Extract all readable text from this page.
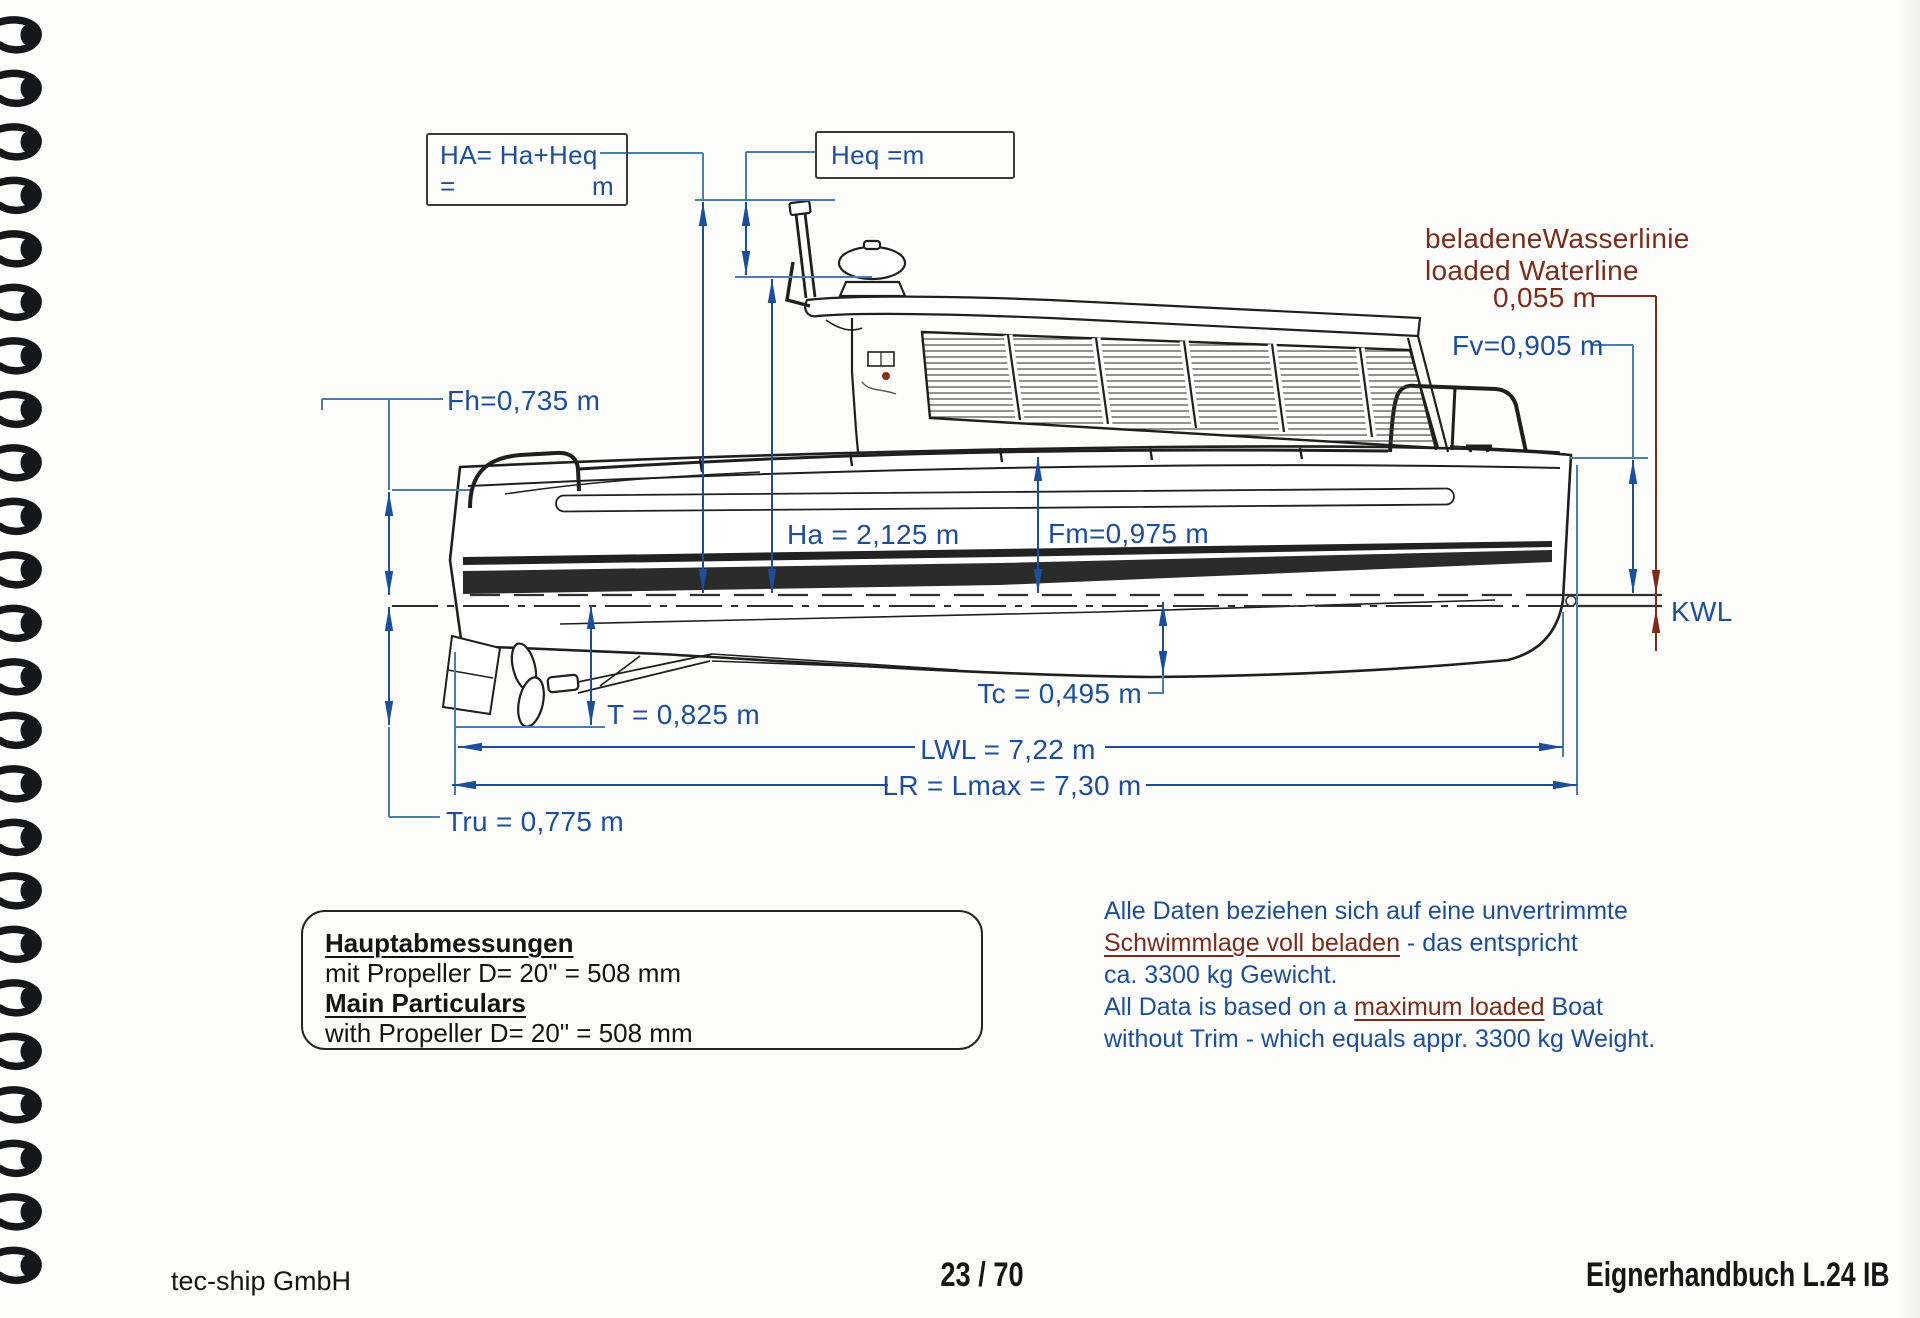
HA= Ha+Heq
=	m
Heq = m
beladeneWasserlinie
loaded Waterline
0,055 m
Fv=0,905 m
Fh=0,735 m
Ha = 2,125 m	Fm=0,975 m
KWL
Tc = 0,495 m
T = 0,825 m
LWL = 7,22 m
LR = Lmax = 7,30 m
Tru = 0,775 m
Hauptabmessungen
mit Propeller D= 20" = 508 mm
Main Particulars
with Propeller D= 20" = 508 mm
Alle Daten beziehen sich auf eine unvertrimmte
Schwimmlage voll beladen - das entspricht
ca. 3300 kg Gewicht.
All Data is based on a maximum loaded Boat
without Trim - which equals appr. 3300 kg Weight.
tec-ship GmbH	23 / 70	Eignerhandbuch L.24 IB
